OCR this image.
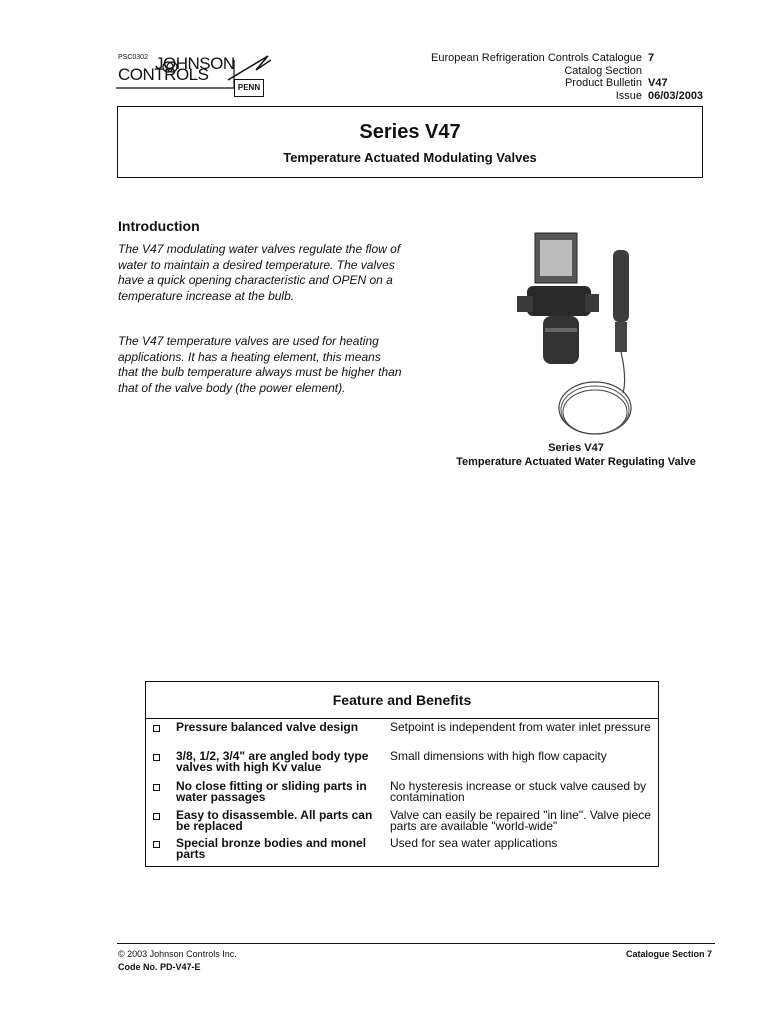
PSC0302 JOHNSON
CONTROLS
PENN
European Refrigeration Controls Catalogue 7
Catalog Section
Product Bulletin V47
Issue 06/03/2003
Series V47
Temperature Actuated Modulating Valves
Introduction

The V47 modulating water valves regulate the flow of water to maintain a desired temperature. The valves have a quick opening characteristic and OPEN on a temperature increase at the bulb.

The V47 temperature valves are used for heating applications. It has a heating element, this means that the bulb temperature always must be higher than that of the valve body (the power element).

Series V47
Temperature Actuated Water Regulating Valve
Feature and Benefits
Pressure balanced valve design	Setpoint is independent from water inlet pressure
3/8, 1/2, 3/4" are angled body type valves with high Kv value
Small dimensions with high flow capacity
No close fitting or sliding parts in water passages
No hysteresis increase or stuck valve caused by contamination
Easy to disassemble. All parts can be replaced
Valve can easily be repaired "in line". Valve piece parts are available "world-wide"
Special bronze bodies and monel parts
Used for sea water applications
© 2003 Johnson Controls Inc.
Code No. PD-V47-E
Catalogue Section 7
